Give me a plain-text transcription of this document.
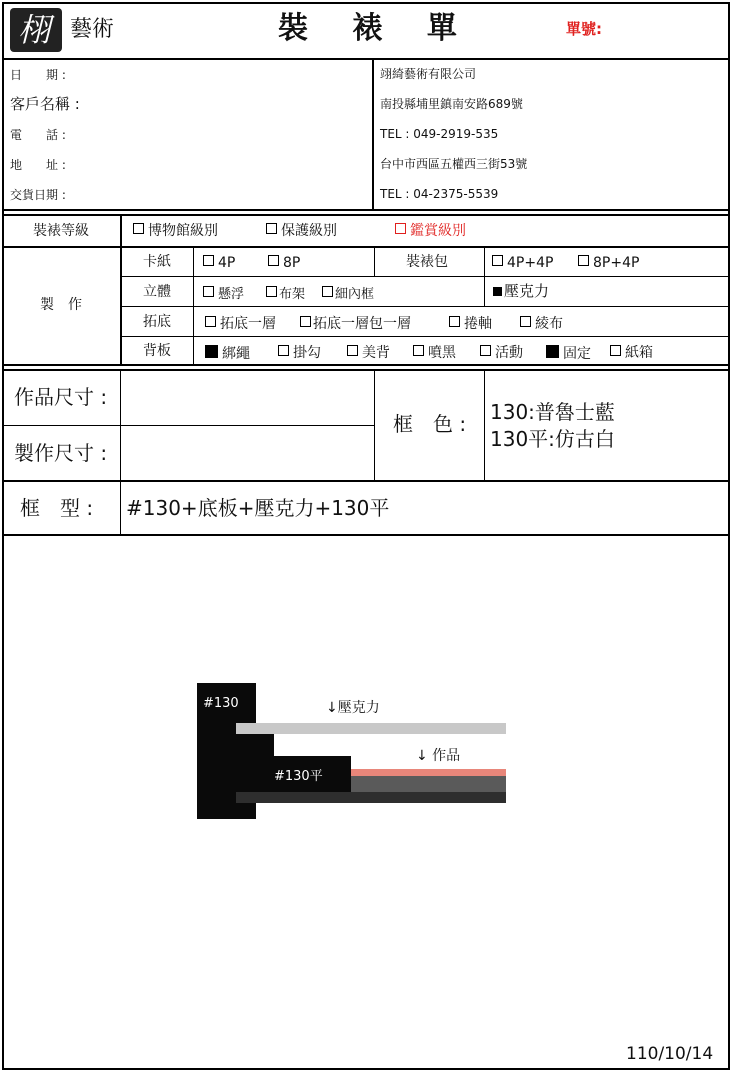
栩 藝術	裝 裱 單	單號:
日　　期 :
客戶名稱 :
電　　話 :
地　　址 :
交貨日期 :
翊綺藝術有限公司
南投縣埔里鎮南安路689號
TEL : 049-2919-535
台中市西區五權西三街53號
TEL : 04-2375-5539
裝裱等級	博物館級別	保護級別	鑑賞級別
製　作
卡紙	4P	8P	裝裱包	4P+4P	8P+4P
立體	懸浮	布架	細內框	壓克力
拓底	拓底一層	拓底一層包一層	捲軸	綾布
背板	綁繩	掛勾	美背	噴黑	活動	固定	紙箱
作品尺寸 :
製作尺寸 :
框　色 : 130:普魯士藍
130平:仿古白
框　型 : #130+底板+壓克力+130平
#130
#130平
↓壓克力
↓ 作品
110/10/14
